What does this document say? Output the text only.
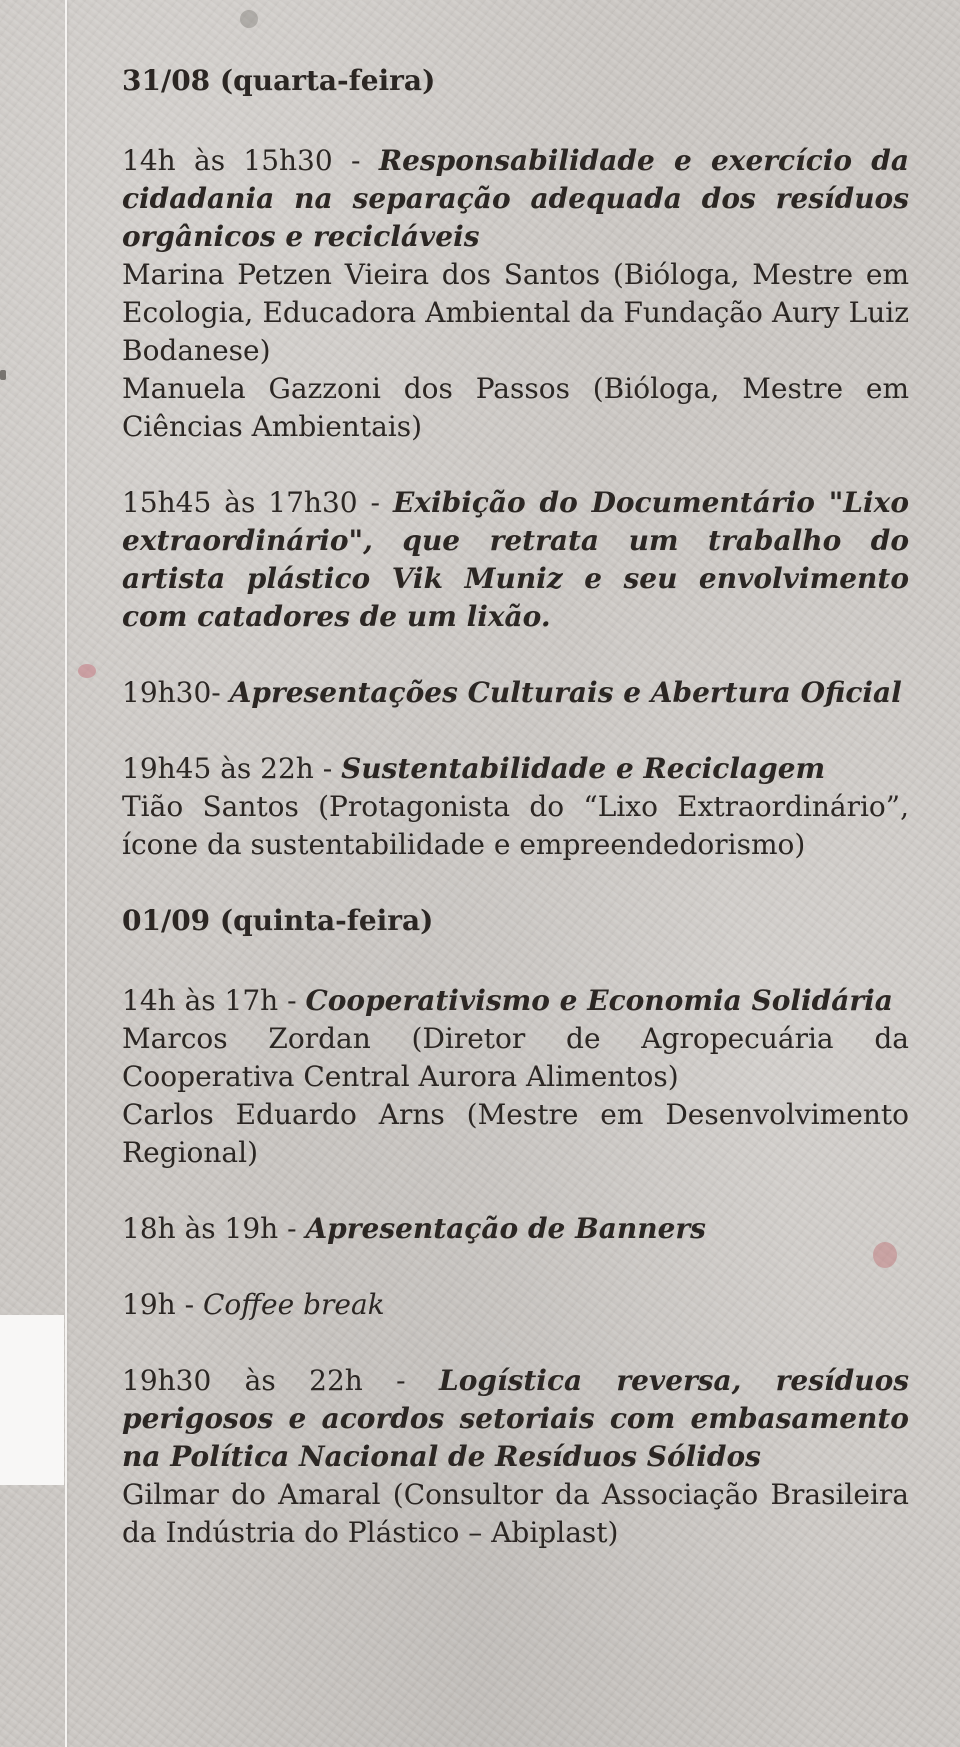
31/08 (quarta-feira)

14h às 15h30 - Responsabilidade e exercício da cidadania na separação adequada dos resíduos orgânicos e recicláveis

Marina Petzen Vieira dos Santos (Bióloga, Mestre em Ecologia, Educadora Ambiental da Fundação Aury Luiz Bodanese)

Manuela Gazzoni dos Passos (Bióloga, Mestre em Ciências Ambientais)

15h45 às 17h30 - Exibição do Documentário "Lixo extraordinário", que retrata um trabalho do artista plástico Vik Muniz e seu envolvimento com catadores de um lixão.

19h30- Apresentações Culturais e Abertura Oficial

19h45 às 22h - Sustentabilidade e Reciclagem

Tião Santos (Protagonista do “Lixo Extraordinário”, ícone da sustentabilidade e empreendedorismo)

01/09 (quinta-feira)

14h às 17h - Cooperativismo e Economia Solidária

Marcos Zordan (Diretor de Agropecuária da Cooperativa Central Aurora Alimentos)

Carlos Eduardo Arns (Mestre em Desenvolvimento Regional)

18h às 19h - Apresentação de Banners

19h - Coffee break

19h30 às 22h - Logística reversa, resíduos perigosos e acordos setoriais com embasamento na Política Nacional de Resíduos Sólidos

Gilmar do Amaral (Consultor da Associação Brasileira da Indústria do Plástico – Abiplast)
